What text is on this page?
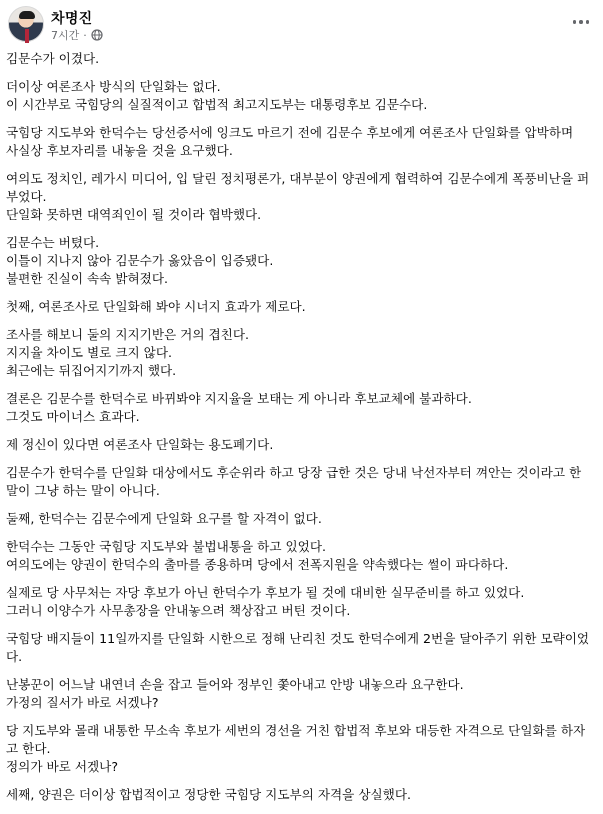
차명진
7시간 ·

김문수가 이겼다.

더이상 여론조사 방식의 단일화는 없다.
이 시간부로 국힘당의 실질적이고 합법적 최고지도부는 대통령후보 김문수다.

국힘당 지도부와 한덕수는 당선증서에 잉크도 마르기 전에 김문수 후보에게 여론조사 단일화를 압박하며
사실상 후보자리를 내놓을 것을 요구했다.

여의도 정치인, 레가시 미디어, 입 달린 정치평론가, 대부분이 양권에게 협력하여 김문수에게 폭풍비난을 퍼
부었다.
단일화 못하면 대역죄인이 될 것이라 협박했다.

김문수는 버텼다.
이틀이 지나지 않아 김문수가 옳았음이 입증됐다.
불편한 진실이 속속 밝혀졌다.

첫째, 여론조사로 단일화해 봐야 시너지 효과가 제로다.

조사를 해보니 둘의 지지기반은 거의 겹친다.
지지율 차이도 별로 크지 않다.
최근에는 뒤집어지기까지 했다.

결론은 김문수를 한덕수로 바뀌봐야 지지율을 보태는 게 아니라 후보교체에 불과하다.
그것도 마이너스 효과다.

제 정신이 있다면 여론조사 단일화는 용도폐기다.

김문수가 한덕수를 단일화 대상에서도 후순위라 하고 당장 급한 것은 당내 낙선자부터 껴안는 것이라고 한
말이 그냥 하는 말이 아니다.

둘째, 한덕수는 김문수에게 단일화 요구를 할 자격이 없다.

한덕수는 그동안 국힘당 지도부와 불법내통을 하고 있었다.
여의도에는 양권이 한덕수의 출마를 종용하며 당에서 전폭지원을 약속했다는 썰이 파다하다.

실제로 당 사무처는 자당 후보가 아닌 한덕수가 후보가 될 것에 대비한 실무준비를 하고 있었다.
그러니 이양수가 사무총장을 안내놓으려 책상잡고 버틴 것이다.

국힘당 배지들이 11일까지를 단일화 시한으로 정해 난리친 것도 한덕수에게 2번을 달아주기 위한 모략이었다.

난봉꾼이 어느날 내연녀 손을 잡고 들어와 정부인 쫓아내고 안방 내놓으라 요구한다.
가정의 질서가 바로 서겠나?

당 지도부와 몰래 내통한 무소속 후보가 세번의 경선을 거친 합법적 후보와 대등한 자격으로 단일화를 하자
고 한다.
정의가 바로 서겠나?

세째, 양권은 더이상 합법적이고 정당한 국힘당 지도부의 자격을 상실했다.
